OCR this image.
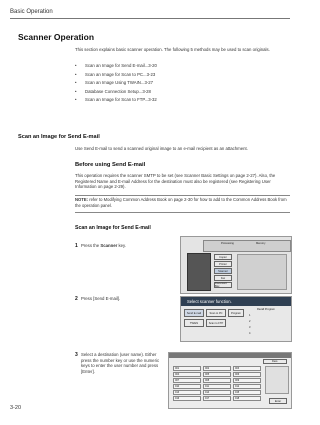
Basic Operation
Scanner Operation
This section explains basic scanner operation. The following 5 methods may be used to scan originals.
• Scan an Image for Send E-mail...3-20
• Scan an Image for Scan to PC...3-23
• Scan an Image Using TWAIN...3-27
• Database Connection Setup...3-28
• Scan an Image for Scan to FTP...3-32
Scan an Image for Send E-mail
Use Send E-mail to send a scanned original image to an e-mail recipient as an attachment.
Before using Send E-mail
This operation requires the scanner SMTP to be set (see Scanner Basic Settings on page 2-27). Also, the Registered Name and E-mail Address for the destination must also be registered (see Registering User Information on page 2-29).
NOTE: refer to Modifying Common Address Book on page 2-30 for how to add to the Common Address Book from the operation panel.
Scan an Image for Send E-mail
1 Press the Scanner key.	Processing	Memory
Copier
Printer
Scanner
Fax
Document Box
2 Press [Send E-mail].
Select scanner function.
Send E-mail	Scan to PC	Program
TWAIN	Scan to FTP
Recall Program
1
2
3
4
3 Select a destination (user name). Either press the number key or use the numeric keys to enter the user number and press [Enter].
Dest.
001	002	003
004	005	006
007	008	009
010	011	012
013	014	015
016	017	018
Enter
3-20
